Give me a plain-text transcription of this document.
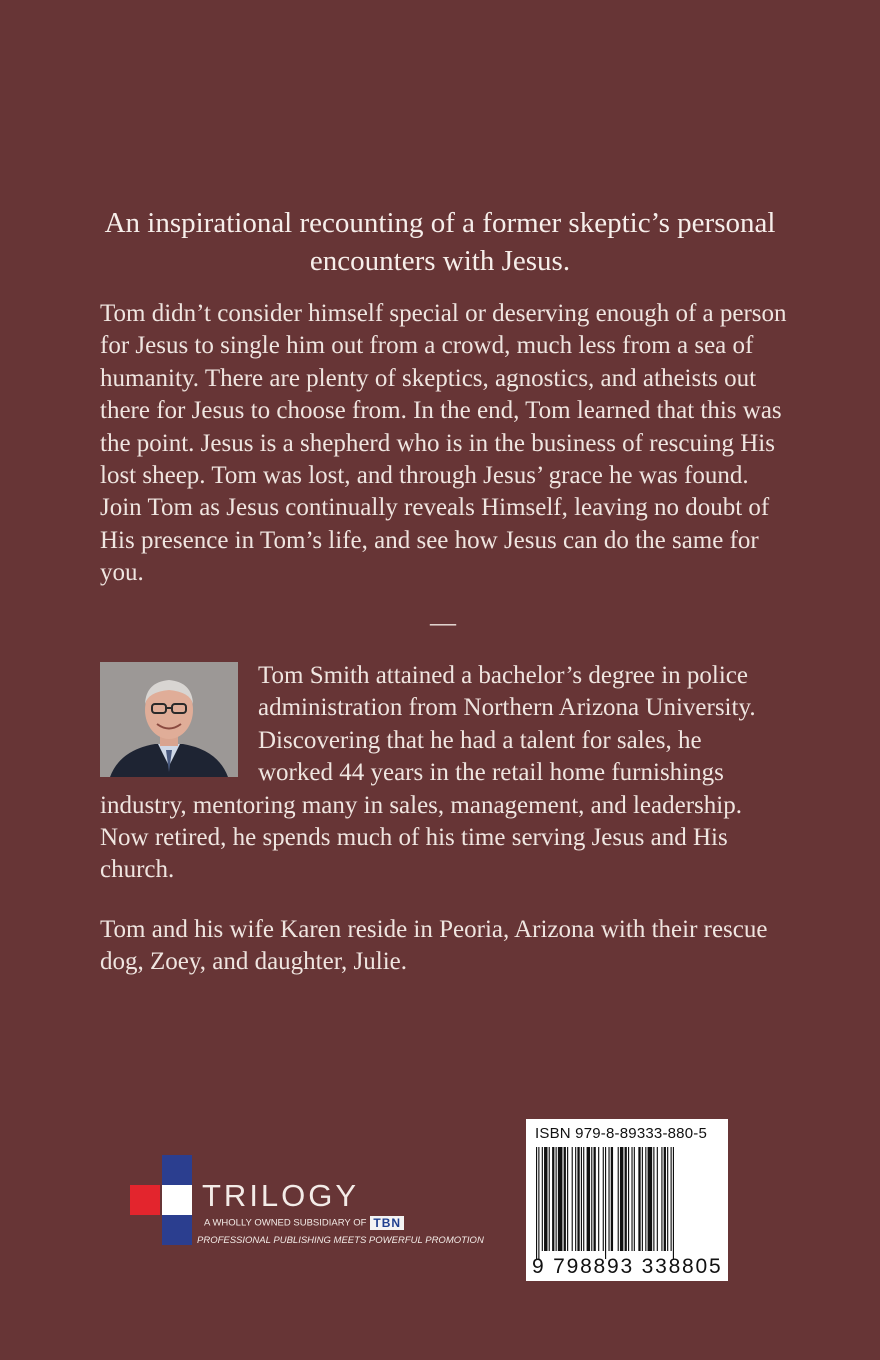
An inspirational recounting of a former skeptic’s personal encounters with Jesus.

Tom didn’t consider himself special or deserving enough of a person for Jesus to single him out from a crowd, much less from a sea of humanity. There are plenty of skeptics, agnostics, and atheists out there for Jesus to choose from. In the end, Tom learned that this was the point. Jesus is a shepherd who is in the business of rescuing His lost sheep. Tom was lost, and through Jesus’ grace he was found. Join Tom as Jesus continually reveals Himself, leaving no doubt of His presence in Tom’s life, and see how Jesus can do the same for you.

—

Tom Smith attained a bachelor’s degree in police administration from Northern Arizona University. Discovering that he had a talent for sales, he worked 44 years in the retail home furnishings industry, mentoring many in sales, management, and leadership. Now retired, he spends much of his time serving Jesus and His church.

Tom and his wife Karen reside in Peoria, Arizona with their rescue dog, Zoey, and daughter, Julie.

TRILOGY
A WHOLLY OWNED SUBSIDIARY OF TBN
PROFESSIONAL PUBLISHING MEETS POWERFUL PROMOTION
ISBN 979-8-89333-880-5
9 798893 338805
